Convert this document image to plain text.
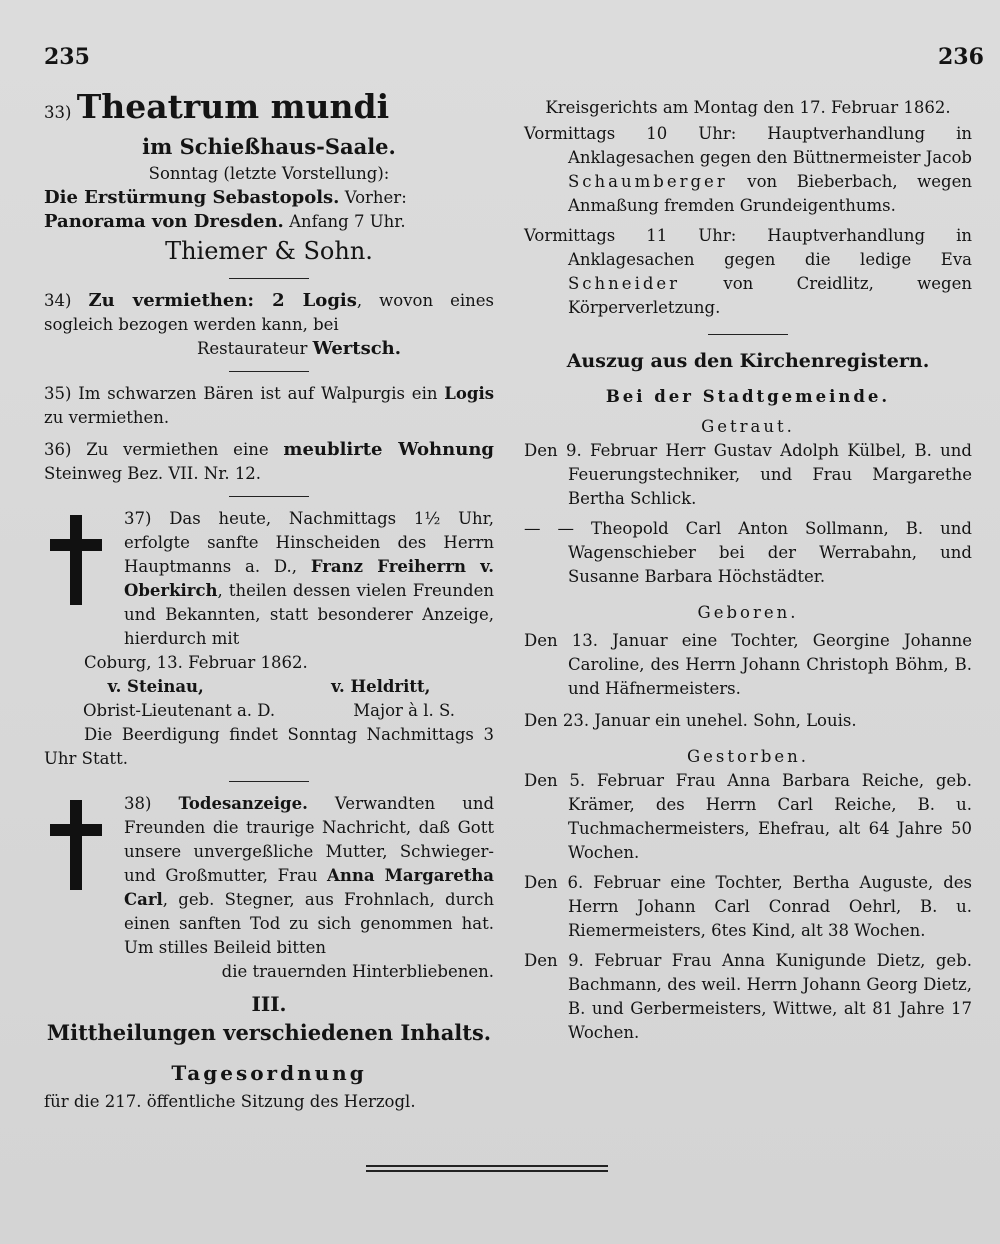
235	236

33) Theatrum mundi

im Schießhaus-Saale.

Sonntag (letzte Vorstellung):

Die Erstürmung Sebastopols. Vorher:

Panorama von Dresden. Anfang 7 Uhr.

Thiemer & Sohn.

34) Zu vermiethen: 2 Logis, wovon eines sogleich bezogen werden kann, bei

Restaurateur Wertsch.

35) Im schwarzen Bären ist auf Walpurgis ein Logis zu vermiethen.

36) Zu vermiethen eine meublirte Wohnung Steinweg Bez. VII. Nr. 12.

37) Das heute, Nachmittags 1½ Uhr, erfolgte sanfte Hinscheiden des Herrn Hauptmanns a. D., Franz Freiherrn v. Oberkirch, theilen dessen vielen Freunden und Bekannten, statt besonderer Anzeige, hierdurch mit

Coburg, 13. Februar 1862.

v. Steinau,	v. Heldritt,

Obrist-Lieutenant a. D.	Major à l. S.

Die Beerdigung findet Sonntag Nachmittags 3 Uhr Statt.

38) Todesanzeige. Verwandten und Freunden die traurige Nachricht, daß Gott unsere unvergeßliche Mutter, Schwieger- und Großmutter, Frau Anna Margaretha Carl, geb. Stegner, aus Frohnlach, durch einen sanften Tod zu sich genommen hat. Um stilles Beileid bitten

die trauernden Hinterbliebenen.

III.

Mittheilungen verschiedenen Inhalts.

Tagesordnung

für die 217. öffentliche Sitzung des Herzogl.

Kreisgerichts am Montag den 17. Februar 1862.

Vormittags 10 Uhr: Hauptverhandlung in Anklagesachen gegen den Büttnermeister Jacob Schaumberger von Bieberbach, wegen Anmaßung fremden Grundeigenthums.

Vormittags 11 Uhr: Hauptverhandlung in Anklagesachen gegen die ledige Eva Schneider von Creidlitz, wegen Körperverletzung.

Auszug aus den Kirchenregistern.

Bei der Stadtgemeinde.

Getraut.

Den 9. Februar Herr Gustav Adolph Külbel, B. und Feuerungstechniker, und Frau Margarethe Bertha Schlick.

— — Theopold Carl Anton Sollmann, B. und Wagenschieber bei der Werrabahn, und Susanne Barbara Höchstädter.

Geboren.

Den 13. Januar eine Tochter, Georgine Johanne Caroline, des Herrn Johann Christoph Böhm, B. und Häfnermeisters.

Den 23. Januar ein unehel. Sohn, Louis.

Gestorben.

Den 5. Februar Frau Anna Barbara Reiche, geb. Krämer, des Herrn Carl Reiche, B. u. Tuchmachermeisters, Ehefrau, alt 64 Jahre 50 Wochen.

Den 6. Februar eine Tochter, Bertha Auguste, des Herrn Johann Carl Conrad Oehrl, B. u. Riemermeisters, 6tes Kind, alt 38 Wochen.

Den 9. Februar Frau Anna Kunigunde Dietz, geb. Bachmann, des weil. Herrn Johann Georg Dietz, B. und Gerbermeisters, Wittwe, alt 81 Jahre 17 Wochen.
